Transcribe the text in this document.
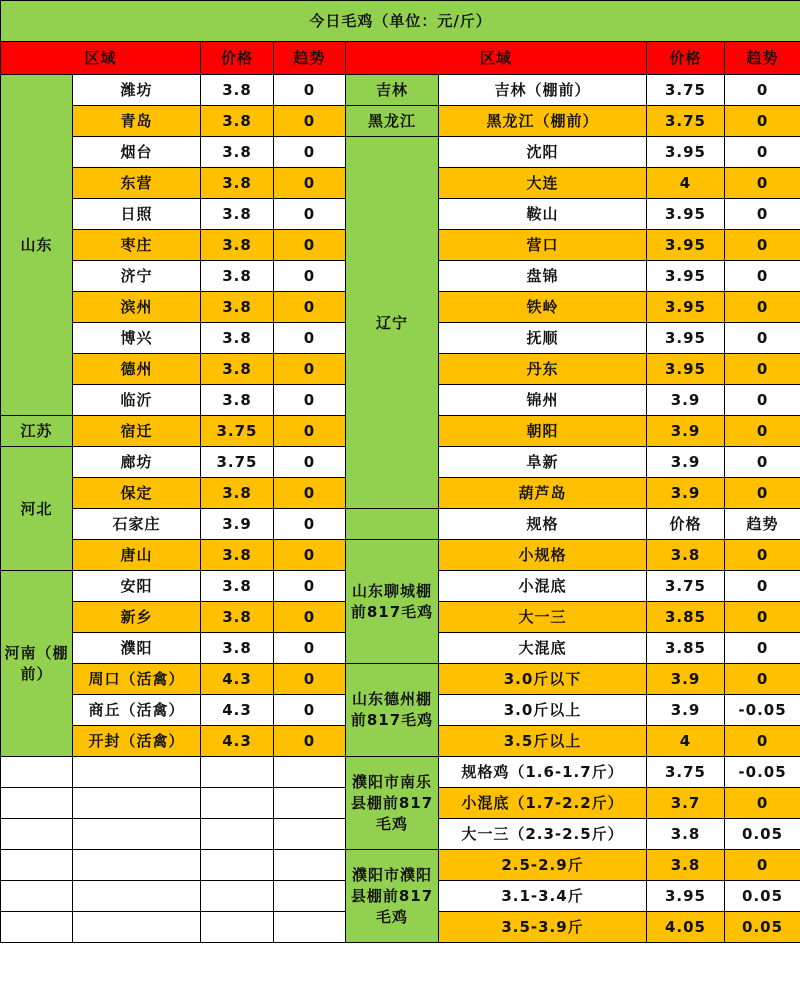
今日毛鸡（单位：元/斤）							
区域		价格	趋势	区域		价格	趋势
山东	潍坊	3.8	0	吉林	吉林（棚前）	3.75	0
	青岛	3.8	0	黑龙江	黑龙江（棚前）	3.75	0
	烟台	3.8	0	辽宁	沈阳	3.95	0
	东营	3.8	0		大连	4	0
	日照	3.8	0		鞍山	3.95	0
	枣庄	3.8	0		营口	3.95	0
	济宁	3.8	0		盘锦	3.95	0
	滨州	3.8	0		铁岭	3.95	0
	博兴	3.8	0		抚顺	3.95	0
	德州	3.8	0		丹东	3.95	0
	临沂	3.8	0		锦州	3.9	0
江苏	宿迁	3.75	0		朝阳	3.9	0
河北	廊坊	3.75	0		阜新	3.9	0
	保定	3.8	0		葫芦岛	3.9	0
	石家庄	3.9	0		规格	价格	趋势
	唐山	3.8	0	山东聊城棚前817毛鸡	小规格	3.8	0
河南（棚前）	安阳	3.8	0		小混底	3.75	0
	新乡	3.8	0		大一三	3.85	0
	濮阳	3.8	0		大混底	3.85	0
	周口（活禽）	4.3	0	山东德州棚前817毛鸡	3.0斤以下	3.9	0
	商丘（活禽）	4.3	0		3.0斤以上	3.9	-0.05
	开封（活禽）	4.3	0		3.5斤以上	4	0
				濮阳市南乐县棚前817毛鸡	规格鸡（1.6-1.7斤）	3.75	-0.05
					小混底（1.7-2.2斤）	3.7	0
					大一三（2.3-2.5斤）	3.8	0.05
				濮阳市濮阳县棚前817毛鸡	2.5-2.9斤	3.8	0
					3.1-3.4斤	3.95	0.05
					3.5-3.9斤	4.05	0.05
